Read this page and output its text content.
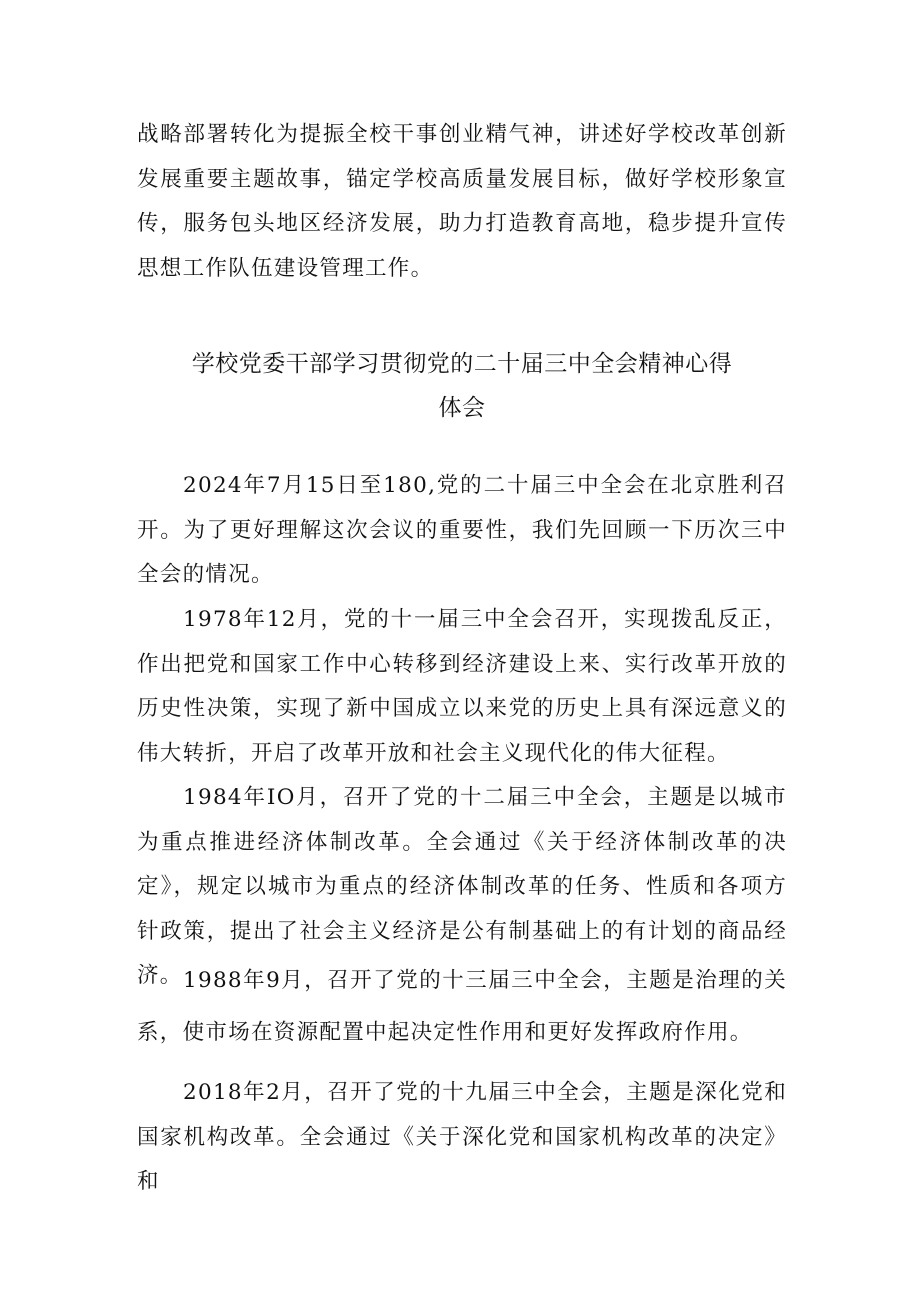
战略部署转化为提振全校干事创业精气神，讲述好学校改革创新发展重要主题故事，锚定学校高质量发展目标，做好学校形象宣传，服务包头地区经济发展，助力打造教育高地，稳步提升宣传思想工作队伍建设管理工作。

学校党委干部学习贯彻党的二十届三中全会精神心得
体会

2024年7月15日至180,党的二十届三中全会在北京胜利召开。为了更好理解这次会议的重要性，我们先回顾一下历次三中全会的情况。

1978年12月，党的十一届三中全会召开，实现拨乱反正，作出把党和国家工作中心转移到经济建设上来、实行改革开放的历史性决策，实现了新中国成立以来党的历史上具有深远意义的伟大转折，开启了改革开放和社会主义现代化的伟大征程。

1984年IO月，召开了党的十二届三中全会，主题是以城市为重点推进经济体制改革。全会通过《关于经济体制改革的决定》，规定以城市为重点的经济体制改革的任务、性质和各项方针政策，提出了社会主义经济是公有制基础上的有计划的商品经济。 1988年9月，召开了党的十三届三中全会，主题是治理的关系，使市场在资源配置中起决定性作用和更好发挥政府作用。

2018年2月，召开了党的十九届三中全会，主题是深化党和国家机构改革。全会通过《关于深化党和国家机构改革的决定》和
